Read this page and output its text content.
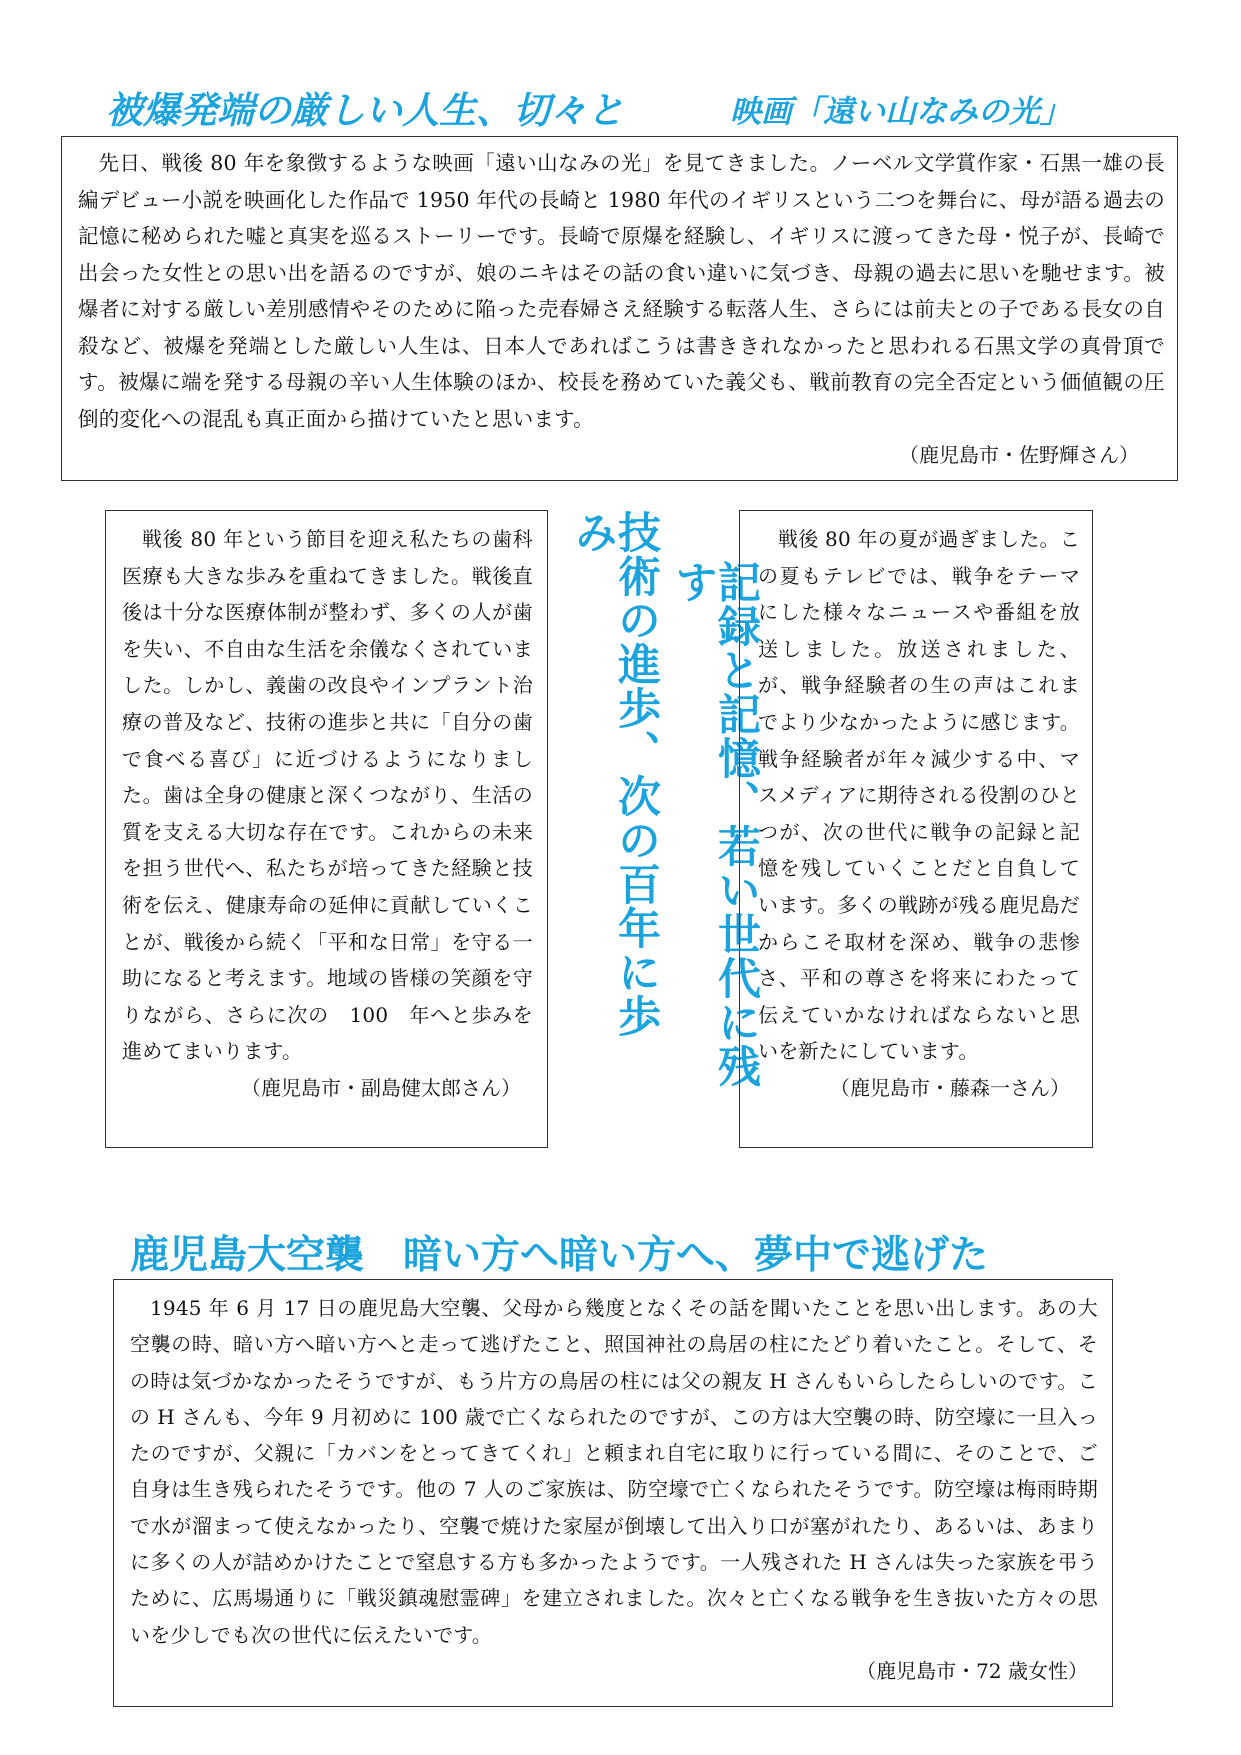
被爆発端の厳しい人生、切々と	映画「遠い山なみの光」

先日、戦後 80 年を象徴するような映画「遠い山なみの光」を見てきました。ノーベル文学賞作家・石黒一雄の長編デビュー小説を映画化した作品で 1950 年代の長崎と 1980 年代のイギリスという二つを舞台に、母が語る過去の記憶に秘められた嘘と真実を巡るストーリーです。長崎で原爆を経験し、イギリスに渡ってきた母・悦子が、長崎で出会った女性との思い出を語るのですが、娘のニキはその話の食い違いに気づき、母親の過去に思いを馳せます。被爆者に対する厳しい差別感情やそのために陥った売春婦さえ経験する転落人生、さらには前夫との子である長女の自殺など、被爆を発端とした厳しい人生は、日本人であればこうは書ききれなかったと思われる石黒文学の真骨頂です。被爆に端を発する母親の辛い人生体験のほか、校長を務めていた義父も、戦前教育の完全否定という価値観の圧倒的変化への混乱も真正面から描けていたと思います。

（鹿児島市・佐野輝さん）

戦後 80 年という節目を迎え私たちの歯科医療も大きな歩みを重ねてきました。戦後直後は十分な医療体制が整わず、多くの人が歯を失い、不自由な生活を余儀なくされていました。しかし、義歯の改良やインプラント治療の普及など、技術の進歩と共に「自分の歯で食べる喜び」に近づけるようになりました。歯は全身の健康と深くつながり、生活の質を支える大切な存在です。これからの未来を担う世代へ、私たちが培ってきた経験と技術を伝え、健康寿命の延伸に貢献していくことが、戦後から続く「平和な日常」を守る一助になると考えます。地域の皆様の笑顔を守りながら、さらに次の　100　年へと歩みを進めてまいります。

（鹿児島市・副島健太郎さん）

技術の進歩、次の百年に歩み
記録と記憶、若い世代に残す

戦後 80 年の夏が過ぎました。この夏もテレビでは、戦争をテーマにした様々なニュースや番組を放送しました。放送されました、が、戦争経験者の生の声はこれまでより少なかったように感じます。戦争経験者が年々減少する中、マスメディアに期待される役割のひとつが、次の世代に戦争の記録と記憶を残していくことだと自負しています。多くの戦跡が残る鹿児島だからこそ取材を深め、戦争の悲惨さ、平和の尊さを将来にわたって伝えていかなければならないと思いを新たにしています。

（鹿児島市・藤森一さん）

鹿児島大空襲　暗い方へ暗い方へ、夢中で逃げた

1945 年 6 月 17 日の鹿児島大空襲、父母から幾度となくその話を聞いたことを思い出します。あの大空襲の時、暗い方へ暗い方へと走って逃げたこと、照国神社の鳥居の柱にたどり着いたこと。そして、その時は気づかなかったそうですが、もう片方の鳥居の柱には父の親友 H さんもいらしたらしいのです。この H さんも、今年 9 月初めに 100 歳で亡くなられたのですが、この方は大空襲の時、防空壕に一旦入ったのですが、父親に「カバンをとってきてくれ」と頼まれ自宅に取りに行っている間に、そのことで、ご自身は生き残られたそうです。他の 7 人のご家族は、防空壕で亡くなられたそうです。防空壕は梅雨時期で水が溜まって使えなかったり、空襲で焼けた家屋が倒壊して出入り口が塞がれたり、あるいは、あまりに多くの人が詰めかけたことで窒息する方も多かったようです。一人残された H さんは失った家族を弔うために、広馬場通りに「戦災鎮魂慰霊碑」を建立されました。次々と亡くなる戦争を生き抜いた方々の思いを少しでも次の世代に伝えたいです。

（鹿児島市・72 歳女性）
